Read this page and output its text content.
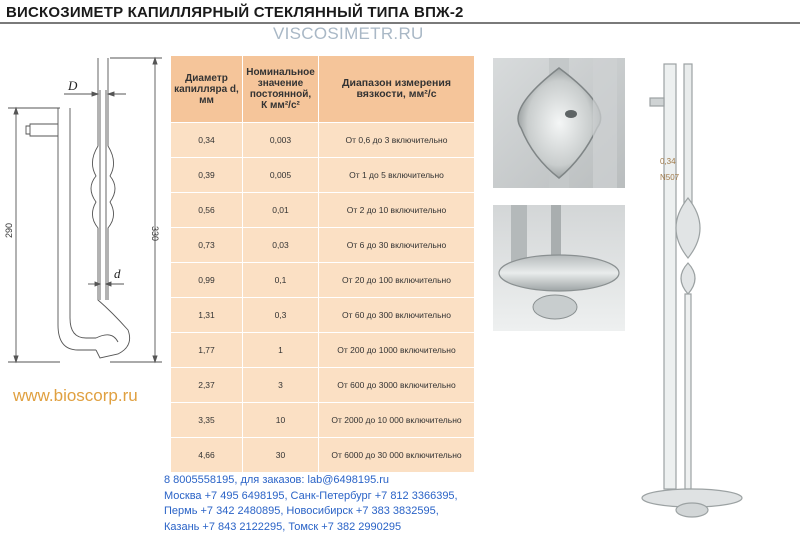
ВИСКОЗИМЕТР КАПИЛЛЯРНЫЙ СТЕКЛЯННЫЙ ТИПА ВПЖ-2
VISCOSIMETR.RU
D
d
290	330
www.bioscorp.ru
Диаметр капилляра d, мм	Номинальное значение постоянной, К мм²/с²	Диапазон измерения вязкости, мм²/с
0,34	0,003	От 0,6 до 3 включительно
0,39	0,005	От 1 до 5 включительно
0,56	0,01	От 2 до 10 включительно
0,73	0,03	От 6 до 30 включительно
0,99	0,1	От 20 до 100 включительно
1,31	0,3	От 60 до 300 включительно
1,77	1	От 200 до 1000 включительно
2,37	3	От 600 до 3000 включительно
3,35	10	От 2000 до 10 000 включительно
4,66	30	От 6000 до 30 000 включительно
0,34
N507
8 8005558195, для заказов: lab@6498195.ru
Москва +7 495 6498195, Санк-Петербург +7 812 3366395,
Пермь +7 342 2480895, Новосибирск +7 383 3832595,
Казань +7 843 2122295, Томск +7 382 2990295
